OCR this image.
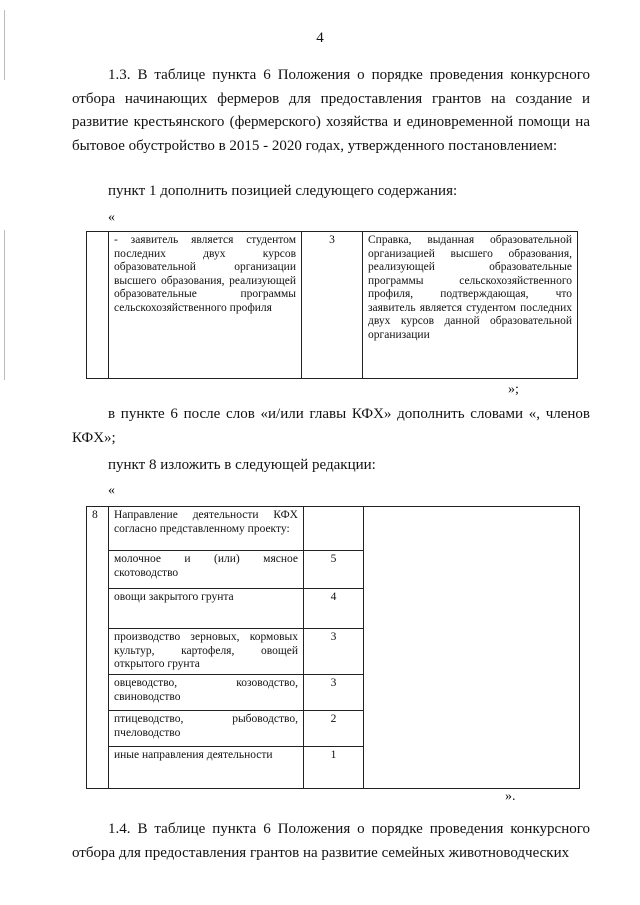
4

1.3. В таблице пункта 6 Положения о порядке проведения конкурсного отбора начинающих фермеров для предоставления грантов на создание и развитие крестьянского (фермерского) хозяйства и единовременной помощи на бытовое обустройство в 2015 - 2020 годах, утвержденного постановлением:

пункт 1 дополнить позицией следующего содержания:
«
	- заявитель является студентом последних двух курсов образовательной организации высшего образования, реализующей образовательные программы сельскохозяйственного профиля	3	Справка, выданная образовательной организацией высшего образования, реализующей образовательные программы сельскохозяйственного профиля, подтверждающая, что заявитель является студентом последних двух курсов данной образовательной организации
»;

в пункте 6 после слов «и/или главы КФХ» дополнить словами «, членов КФХ»;

пункт 8 изложить в следующей редакции:
«
8	Направление деятельности КФХ согласно представленному проекту:		
	молочное и (или) мясное скотоводство	5	
	овощи закрытого грунта	4	
	производство зерновых, кормовых культур, картофеля, овощей открытого грунта	3	
	овцеводство, козоводство, свиноводство	3	
	птицеводство, рыбоводство, пчеловодство	2	
	иные направления деятельности	1	
».

1.4. В таблице пункта 6 Положения о порядке проведения конкурсного отбора для предоставления грантов на развитие семейных животноводческих
